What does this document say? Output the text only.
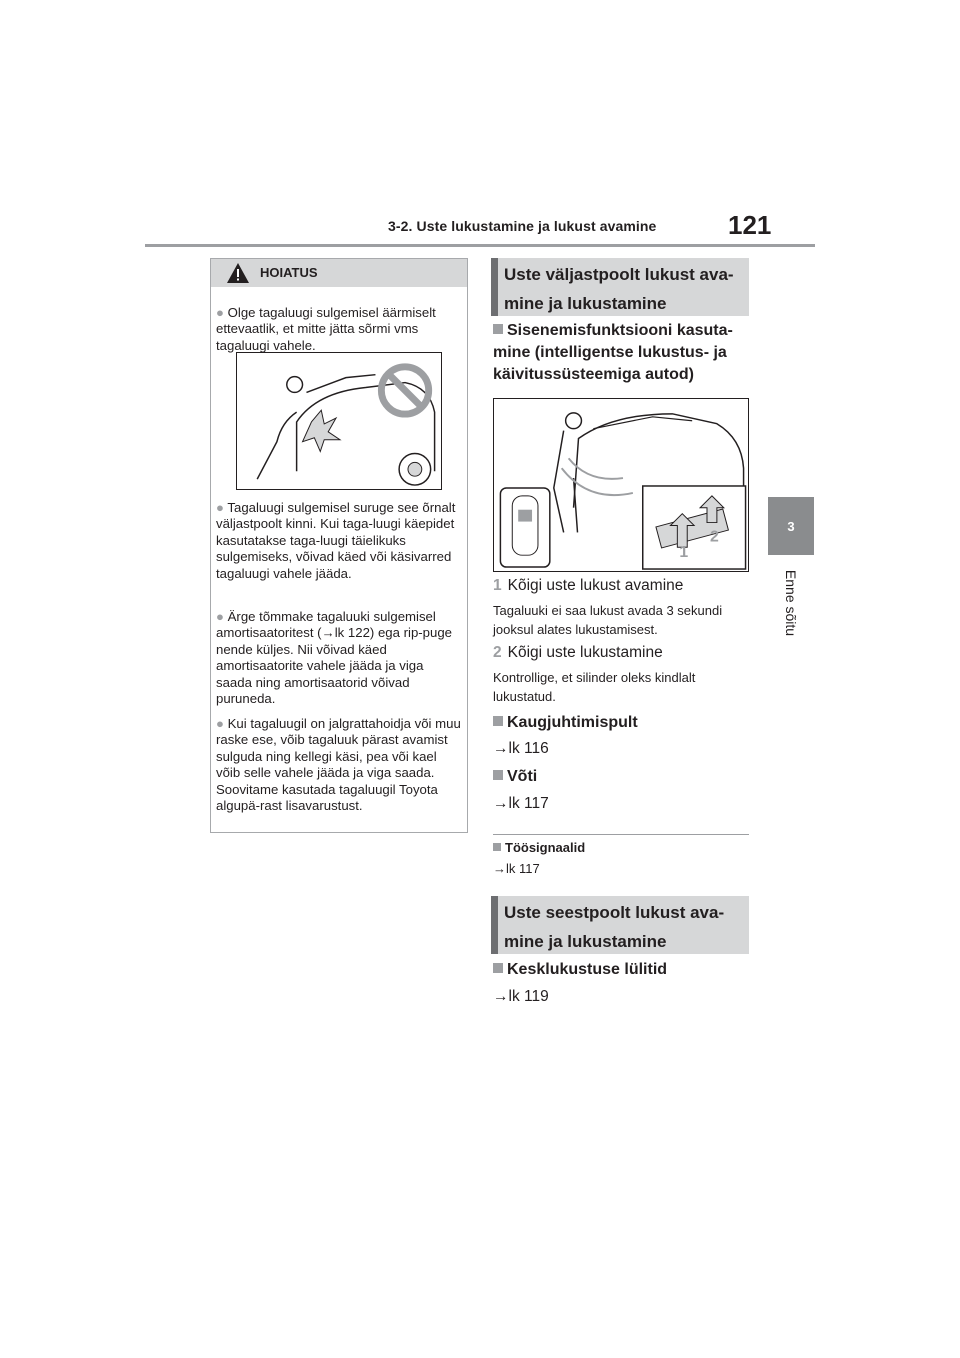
3-2. Uste lukustamine ja lukust avamine	121
3
Enne sõitu
HOIATUS
● Olge tagaluugi sulgemisel äärmiselt ettevaatlik, et mitte jätta sõrmi vms tagaluugi vahele.
● Tagaluugi sulgemisel suruge see õrnalt väljastpoolt kinni. Kui taga-luugi käepidet kasutatakse taga-luugi täielikuks sulgemiseks, võivad käed või käsivarred tagaluugi vahele jääda.
● Ärge tõmmake tagaluuki sulgemisel amortisaatoritest (→lk 122) ega rip-puge nende küljes. Nii võivad käed amortisaatorite vahele jääda ja viga saada ning amortisaatorid võivad puruneda.
● Kui tagaluugil on jalgrattahoidja või muu raske ese, võib tagaluuk pärast avamist sulguda ning kellegi käsi, pea või kael võib selle vahele jääda ja viga saada. Soovitame kasutada tagaluugil Toyota algupä-rast lisavarustust.
Uste väljastpoolt lukust ava-mine ja lukustamine
Sisenemisfunktsiooni kasuta-mine (intelligentse lukustus- ja käivitussüsteemiga autod)
1
2
1 Kõigi uste lukust avamine
Tagaluuki ei saa lukust avada 3 sekundi jooksul alates lukustamisest.
2 Kõigi uste lukustamine
Kontrollige, et silinder oleks kindlalt lukustatud.
Kaugjuhtimispult
→lk 116
Võti
→lk 117
Töösignaalid
→lk 117
Uste seestpoolt lukust ava-mine ja lukustamine
Kesklukustuse lülitid
→lk 119
